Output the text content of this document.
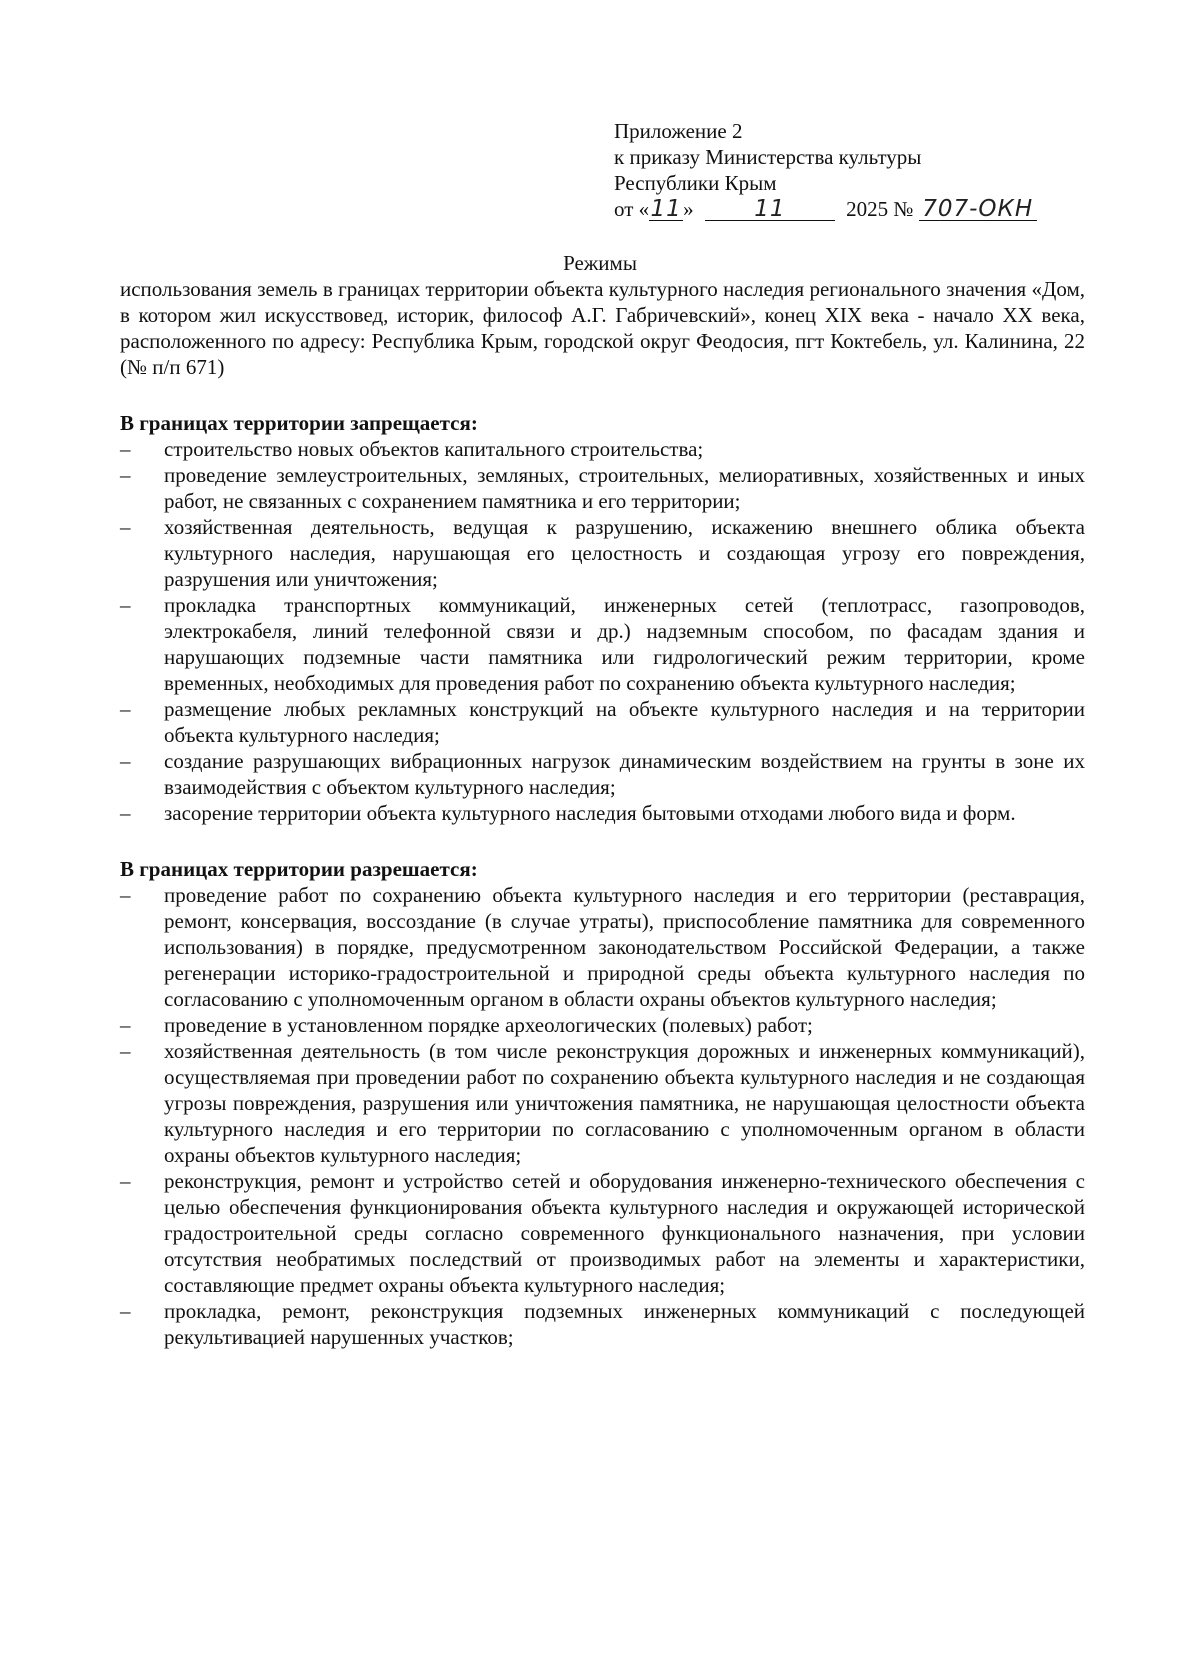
Приложение 2
к приказу Министерства культуры
Республики Крым
от «11»	11	2025 № 707-ОКН
Режимы

использования земель в границах территории объекта культурного наследия регионального значения «Дом, в котором жил искусствовед, историк, философ А.Г. Габричевский», конец XIX века - начало XX века, расположенного по адресу: Республика Крым, городской округ Феодосия, пгт Коктебель, ул. Калинина, 22 (№ п/п 671)

В границах территории запрещается:

– строительство новых объектов капитального строительства;
– проведение землеустроительных, земляных, строительных, мелиоративных, хозяйственных и иных работ, не связанных с сохранением памятника и его территории;
– хозяйственная деятельность, ведущая к разрушению, искажению внешнего облика объекта культурного наследия, нарушающая его целостность и создающая угрозу его повреждения, разрушения или уничтожения;
– прокладка транспортных коммуникаций, инженерных сетей (теплотрасс, газопроводов, электрокабеля, линий телефонной связи и др.) надземным способом, по фасадам здания и нарушающих подземные части памятника или гидрологический режим территории, кроме временных, необходимых для проведения работ по сохранению объекта культурного наследия;
– размещение любых рекламных конструкций на объекте культурного наследия и на территории объекта культурного наследия;
– создание разрушающих вибрационных нагрузок динамическим воздействием на грунты в зоне их взаимодействия с объектом культурного наследия;
– засорение территории объекта культурного наследия бытовыми отходами любого вида и форм.

В границах территории разрешается:

– проведение работ по сохранению объекта культурного наследия и его территории (реставрация, ремонт, консервация, воссоздание (в случае утраты), приспособление памятника для современного использования) в порядке, предусмотренном законодательством Российской Федерации, а также регенерации историко-градостроительной и природной среды объекта культурного наследия по согласованию с уполномоченным органом в области охраны объектов культурного наследия;
– проведение в установленном порядке археологических (полевых) работ;
– хозяйственная деятельность (в том числе реконструкция дорожных и инженерных коммуникаций), осуществляемая при проведении работ по сохранению объекта культурного наследия и не создающая угрозы повреждения, разрушения или уничтожения памятника, не нарушающая целостности объекта культурного наследия и его территории по согласованию с уполномоченным органом в области охраны объектов культурного наследия;
– реконструкция, ремонт и устройство сетей и оборудования инженерно-технического обеспечения с целью обеспечения функционирования объекта культурного наследия и окружающей исторической градостроительной среды согласно современного функционального назначения, при условии отсутствия необратимых последствий от производимых работ на элементы и характеристики, составляющие предмет охраны объекта культурного наследия;
– прокладка, ремонт, реконструкция подземных инженерных коммуникаций с последующей рекультивацией нарушенных участков;
